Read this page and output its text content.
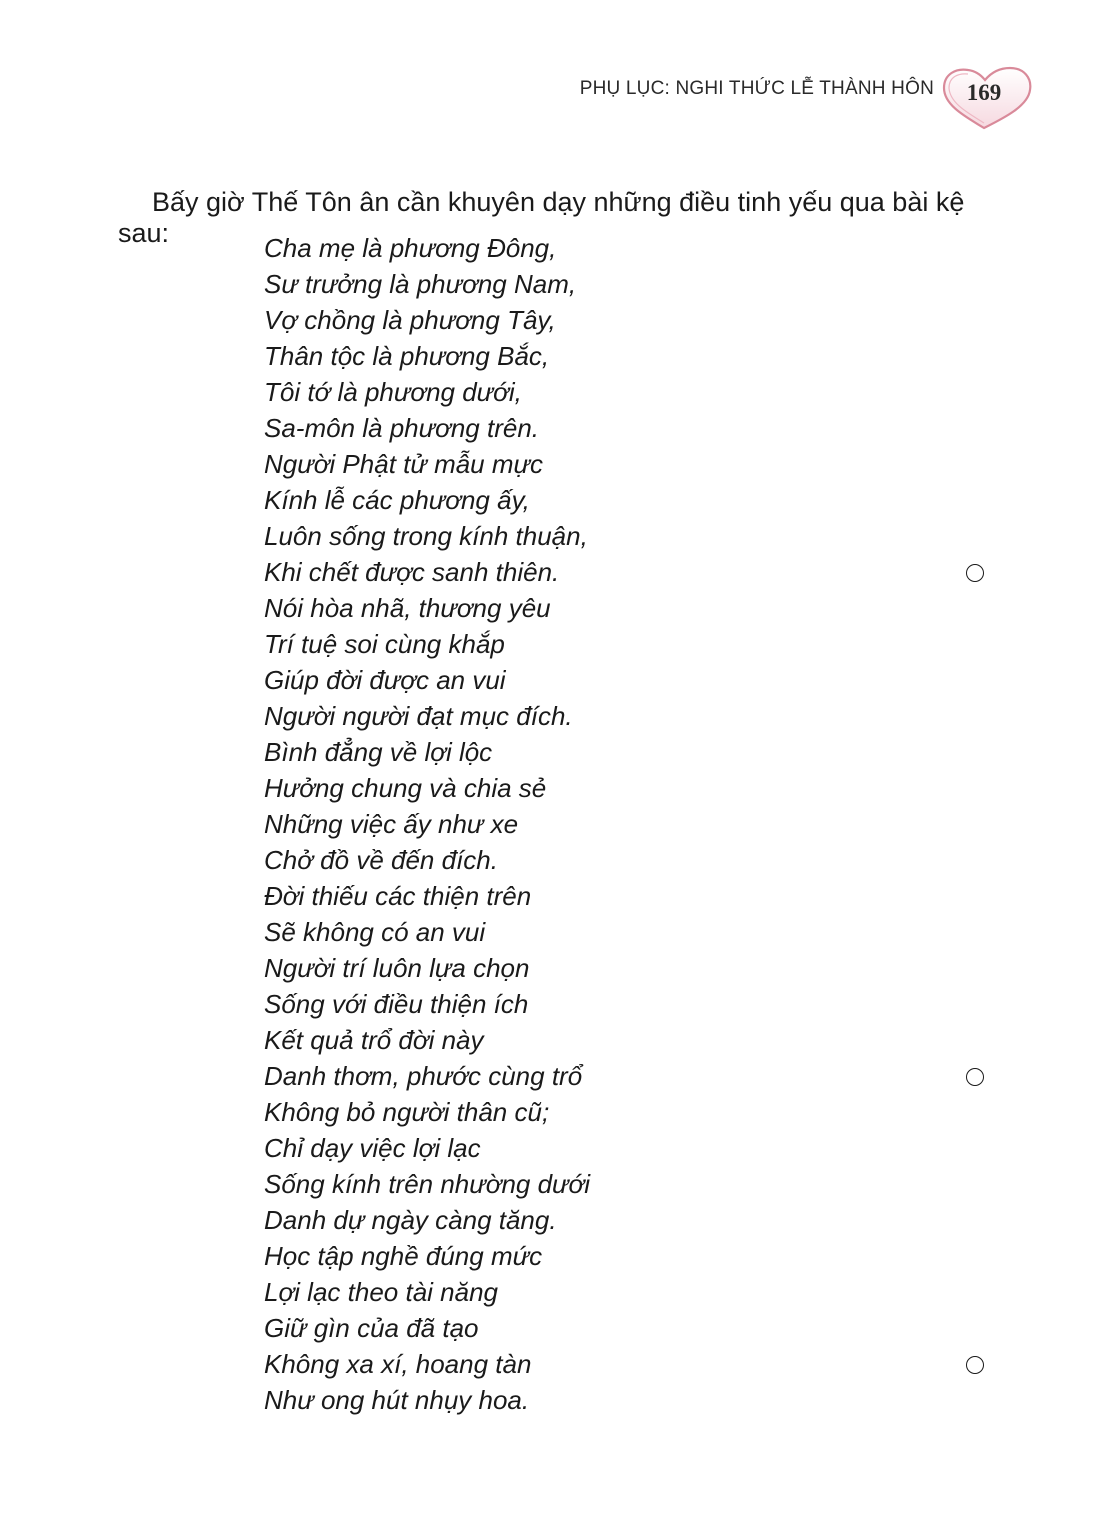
PHỤ LỤC: NGHI THỨC LỄ THÀNH HÔN	169

Bấy giờ Thế Tôn ân cần khuyên dạy những điều tinh yếu qua bài kệ sau:	Cha mẹ là phương Đông,
Sư trưởng là phương Nam,
Vợ chồng là phương Tây,
Thân tộc là phương Bắc,
Tôi tớ là phương dưới,
Sa-môn là phương trên.
Người Phật tử mẫu mực
Kính lễ các phương ấy,
Luôn sống trong kính thuận,
Khi chết được sanh thiên.
Nói hòa nhã, thương yêu
Trí tuệ soi cùng khắp
Giúp đời được an vui
Người người đạt mục đích.
Bình đẳng về lợi lộc
Hưởng chung và chia sẻ
Những việc ấy như xe
Chở đồ về đến đích.
Đời thiếu các thiện trên
Sẽ không có an vui
Người trí luôn lựa chọn
Sống với điều thiện ích
Kết quả trổ đời này
Danh thơm, phước cùng trổ
Không bỏ người thân cũ;
Chỉ dạy việc lợi lạc
Sống kính trên nhường dưới
Danh dự ngày càng tăng.
Học tập nghề đúng mức
Lợi lạc theo tài năng
Giữ gìn của đã tạo
Không xa xí, hoang tàn
Như ong hút nhụy hoa.
